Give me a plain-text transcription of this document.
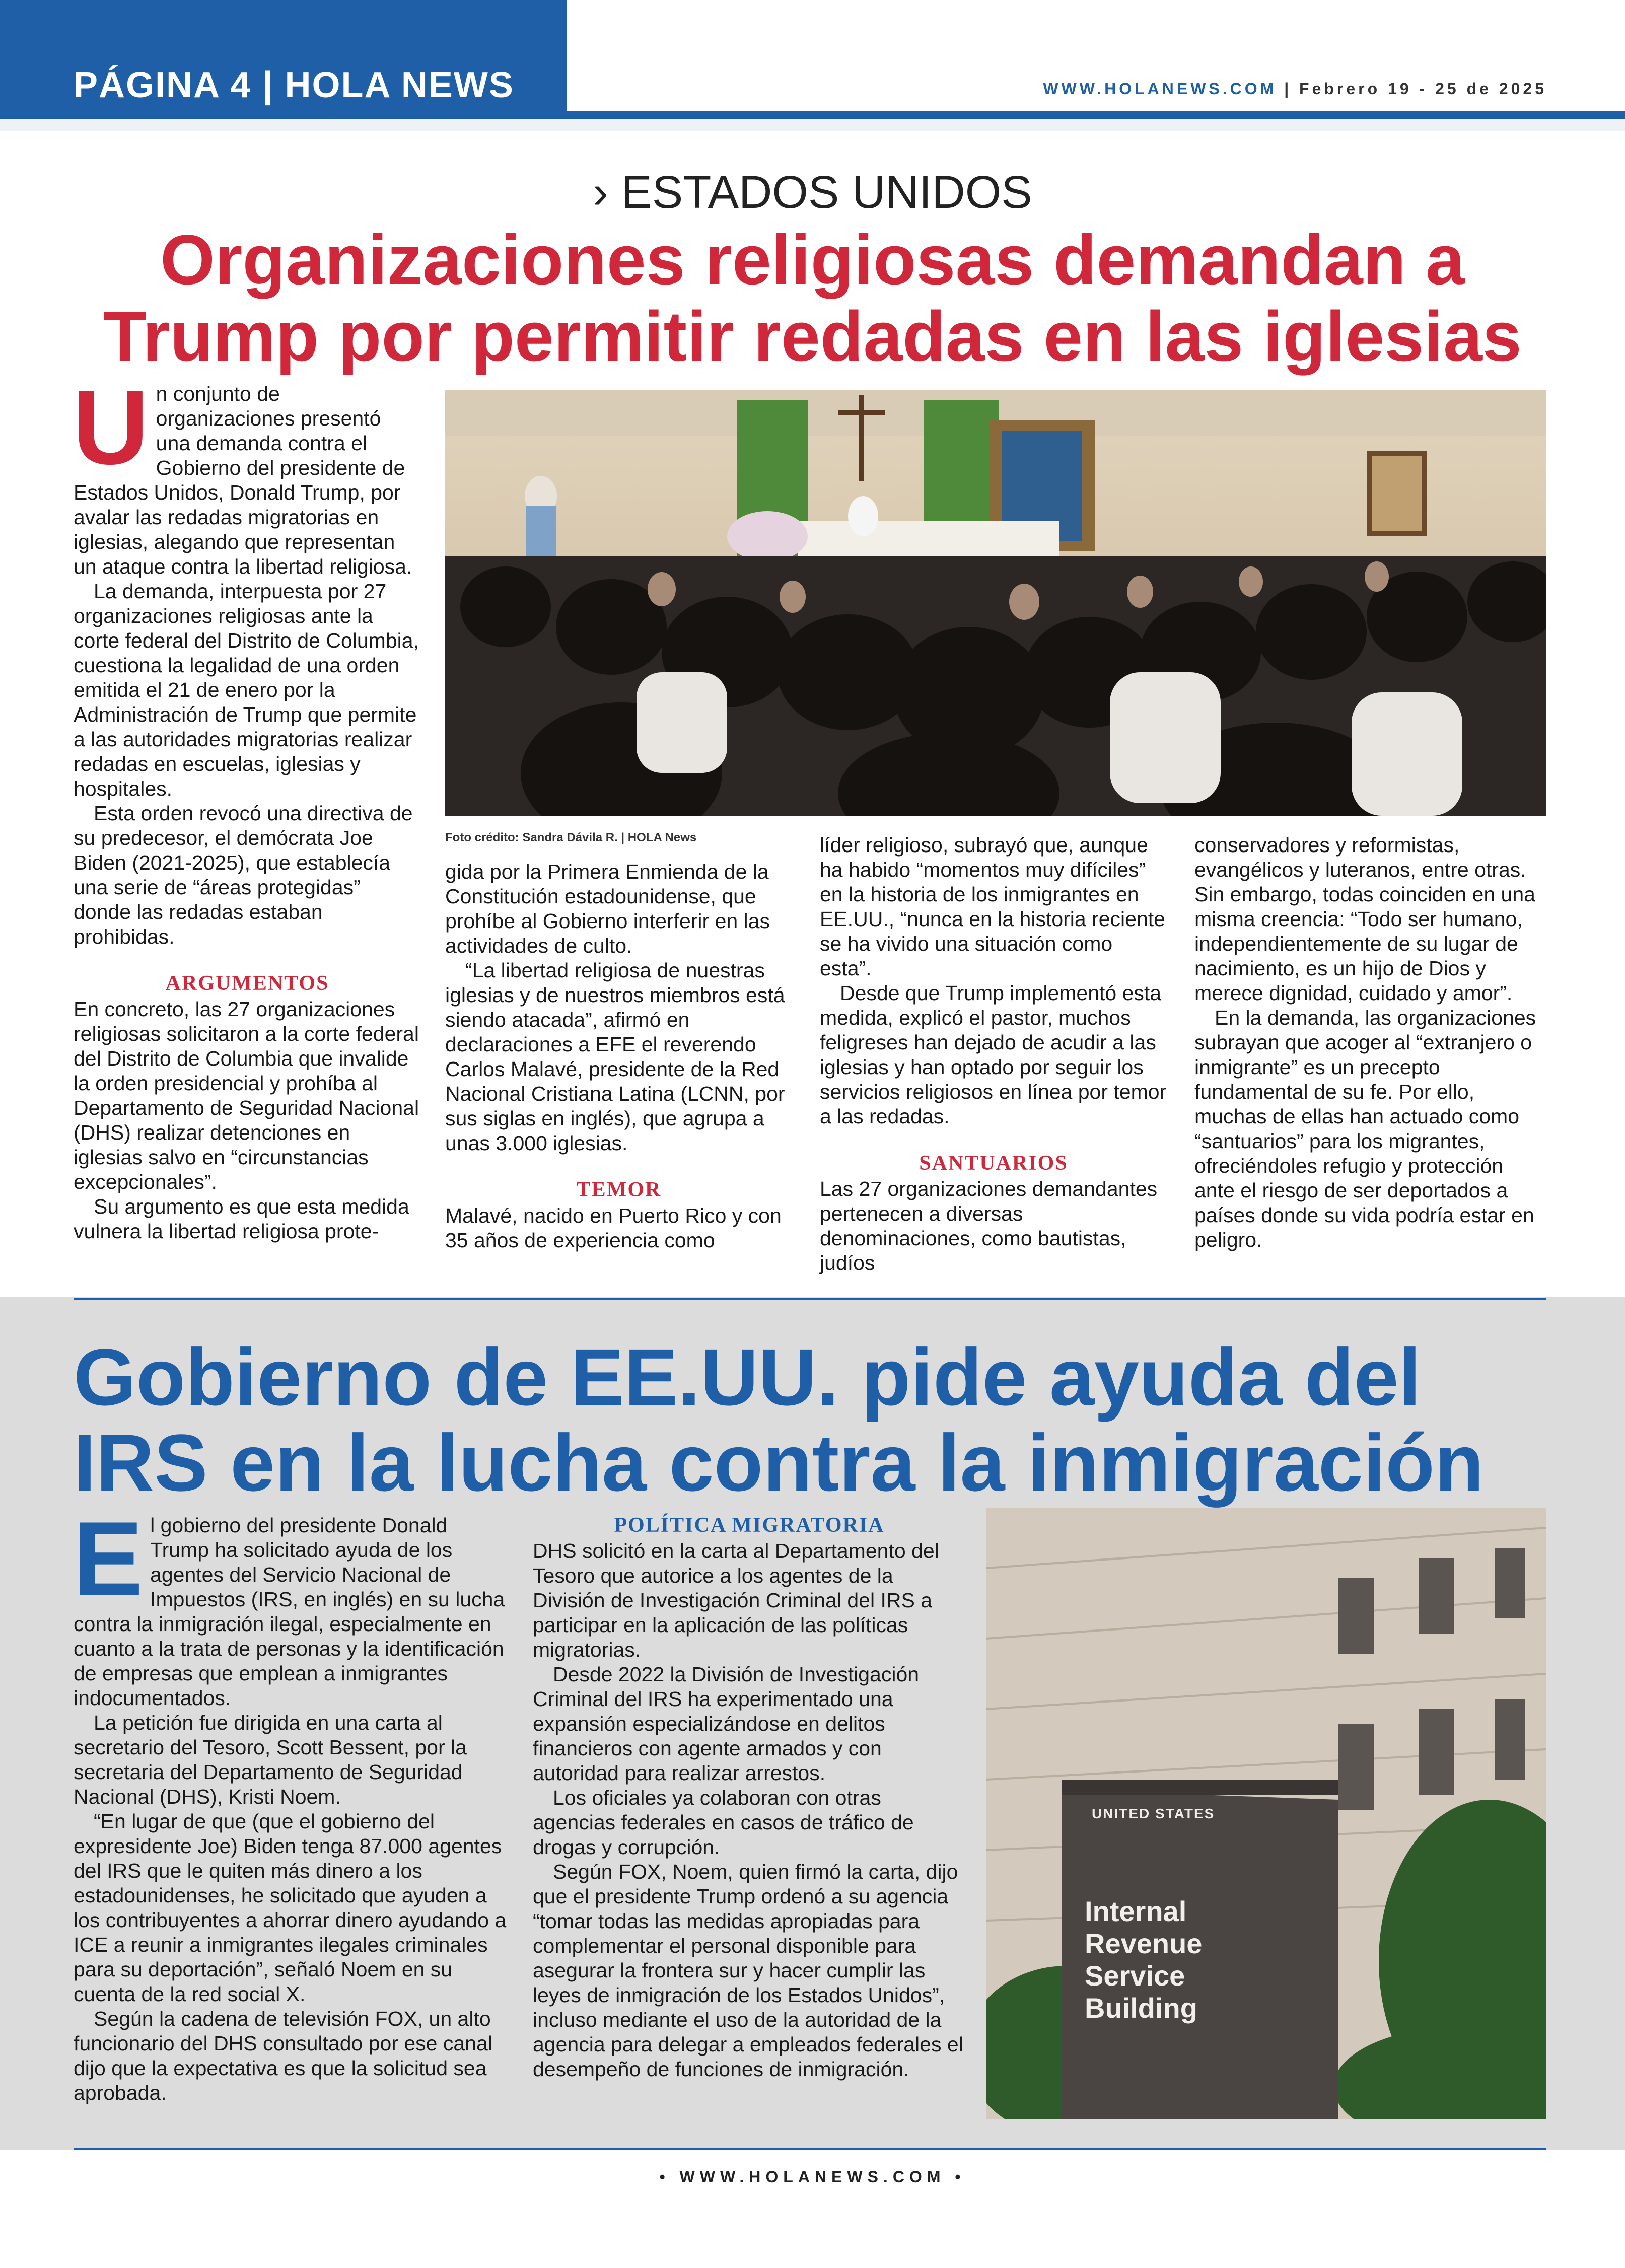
PÁGINA 4 | HOLA NEWS	WWW.HOLANEWS.COM | Febrero 19 - 25 de 2025
› ESTADOS UNIDOS
Organizaciones religiosas demandan a
Trump por permitir redadas en las iglesias
U n conjunto de organizaciones presentó una demanda contra el Gobierno del presidente de Estados Unidos, Donald Trump, por avalar las redadas migratorias en iglesias, alegando que representan un ataque contra la libertad religiosa.

La demanda, interpuesta por 27 organizaciones religiosas ante la corte federal del Distrito de Columbia, cuestiona la legalidad de una orden emitida el 21 de enero por la Administración de Trump que permite a las autoridades migratorias realizar redadas en escuelas, iglesias y hospitales.

Esta orden revocó una directiva de su predecesor, el demócrata Joe Biden (2021-2025), que establecía una serie de “áreas protegidas” donde las redadas estaban prohibidas.

ARGUMENTOS

En concreto, las 27 organizaciones religiosas solicitaron a la corte federal del Distrito de Columbia que invalide la orden presidencial y prohíba al Departamento de Seguridad Nacional (DHS) realizar detenciones en iglesias salvo en “circunstancias excepcionales”.

Su argumento es que esta medida vulnera la libertad religiosa prote-

Foto crédito: Sandra Dávila R. | HOLA News

gida por la Primera Enmienda de la Constitución estadounidense, que prohíbe al Gobierno interferir en las actividades de culto.

“La libertad religiosa de nuestras iglesias y de nuestros miembros está siendo atacada”, afirmó en declaraciones a EFE el reverendo Carlos Malavé, presidente de la Red Nacional Cristiana Latina (LCNN, por sus siglas en inglés), que agrupa a unas 3.000 iglesias.

TEMOR

Malavé, nacido en Puerto Rico y con 35 años de experiencia como

líder religioso, subrayó que, aunque ha habido “momentos muy difíciles” en la historia de los inmigrantes en EE.UU., “nunca en la historia reciente se ha vivido una situación como esta”.

Desde que Trump implementó esta medida, explicó el pastor, muchos feligreses han dejado de acudir a las iglesias y han optado por seguir los servicios religiosos en línea por temor a las redadas.

SANTUARIOS

Las 27 organizaciones demandantes pertenecen a diversas denominaciones, como bautistas, judíos

conservadores y reformistas, evangélicos y luteranos, entre otras. Sin embargo, todas coinciden en una misma creencia: “Todo ser humano, independientemente de su lugar de nacimiento, es un hijo de Dios y merece dignidad, cuidado y amor”.

En la demanda, las organizaciones subrayan que acoger al “extranjero o inmigrante” es un precepto fundamental de su fe. Por ello, muchas de ellas han actuado como “santuarios” para los migrantes, ofreciéndoles refugio y protección ante el riesgo de ser deportados a países donde su vida podría estar en peligro.

Gobierno de EE.UU. pide ayuda del
IRS en la lucha contra la inmigración
E l gobierno del presidente Donald Trump ha solicitado ayuda de los agentes del Servicio Nacional de Impuestos (IRS, en inglés) en su lucha contra la inmigración ilegal, especialmente en cuanto a la trata de personas y la identificación de empresas que emplean a inmigrantes indocumentados.

La petición fue dirigida en una carta al secretario del Tesoro, Scott Bessent, por la secretaria del Departamento de Seguridad Nacional (DHS), Kristi Noem.

“En lugar de que (que el gobierno del expresidente Joe) Biden tenga 87.000 agentes del IRS que le quiten más dinero a los estadounidenses, he solicitado que ayuden a los contribuyentes a ahorrar dinero ayudando a ICE a reunir a inmigrantes ilegales criminales para su deportación”, señaló Noem en su cuenta de la red social X.

Según la cadena de televisión FOX, un alto funcionario del DHS consultado por ese canal dijo que la expectativa es que la solicitud sea aprobada.

POLÍTICA MIGRATORIA

DHS solicitó en la carta al Departamento del Tesoro que autorice a los agentes de la División de Investigación Criminal del IRS a participar en la aplicación de las políticas migratorias.

Desde 2022 la División de Investigación Criminal del IRS ha experimentado una expansión especializándose en delitos financieros con agente armados y con autoridad para realizar arrestos.

Los oficiales ya colaboran con otras agencias federales en casos de tráfico de drogas y corrupción.

Según FOX, Noem, quien firmó la carta, dijo que el presidente Trump ordenó a su agencia “tomar todas las medidas apropiadas para complementar el personal disponible para asegurar la frontera sur y hacer cumplir las leyes de inmigración de los Estados Unidos”, incluso mediante el uso de la autoridad de la agencia para delegar a empleados federales el desempeño de funciones de inmigración.

UNITED STATES
Internal
Revenue
Service
Building
• WWW.HOLANEWS.COM •
